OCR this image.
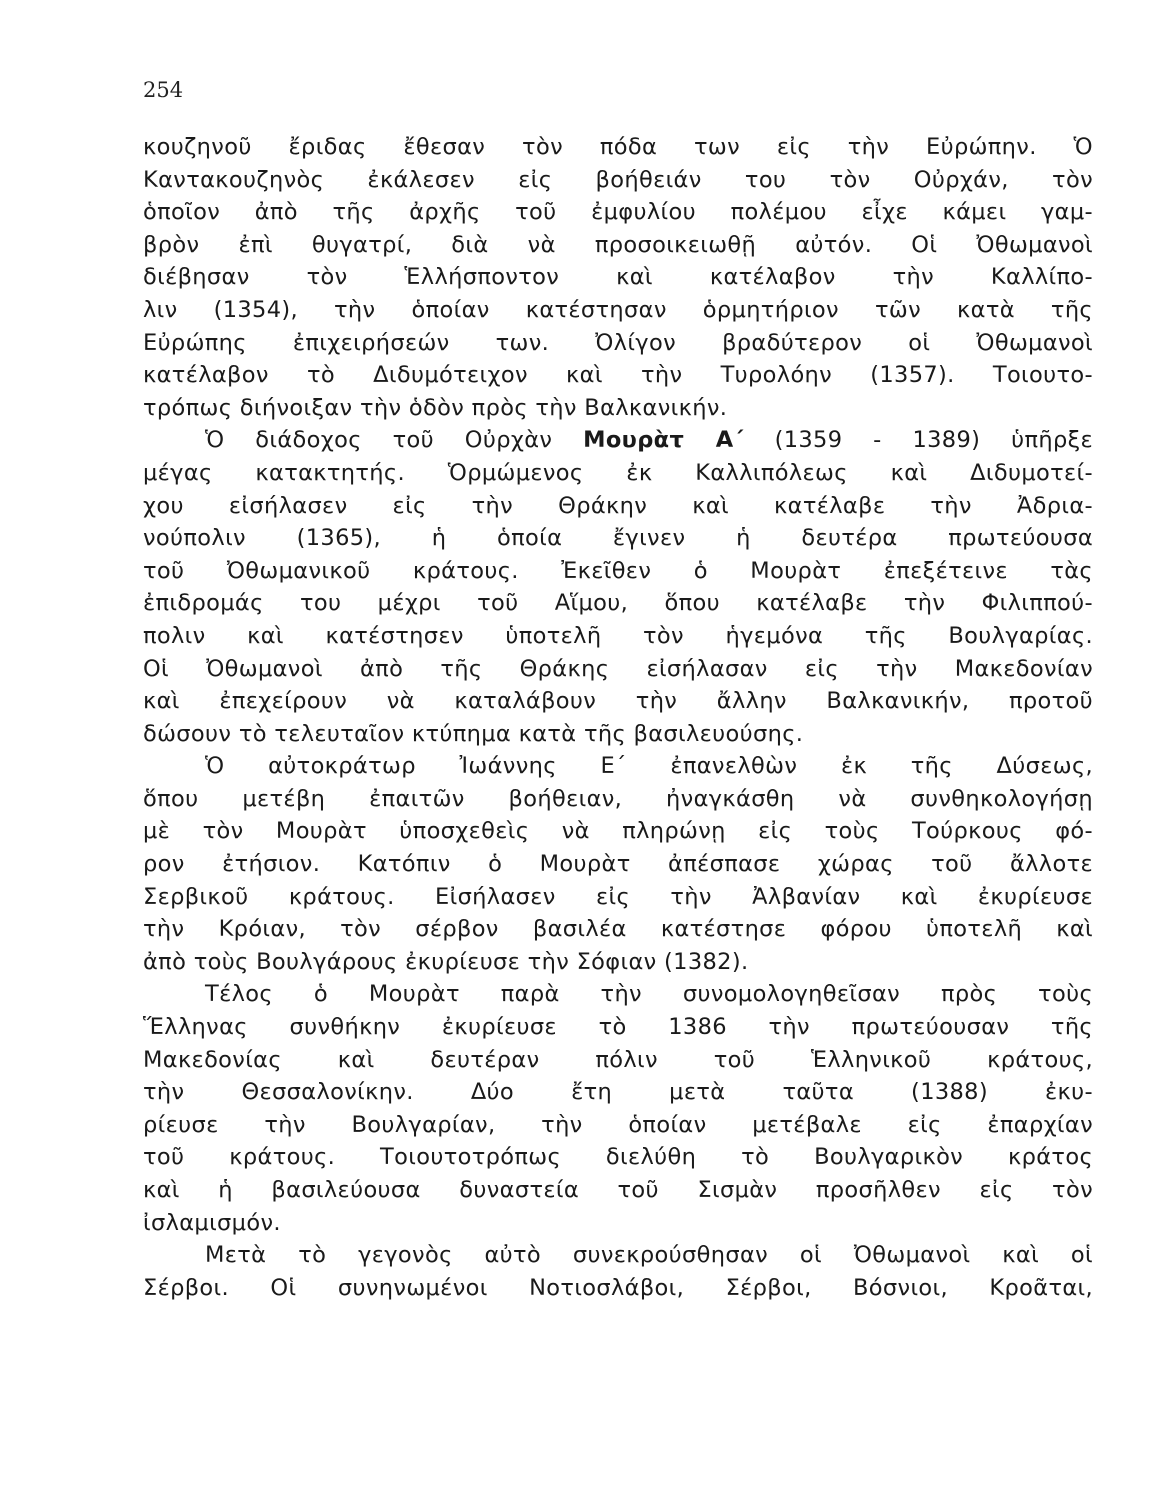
254
κουζηνοῦ ἔριδας ἔθεσαν τὸν πόδα των εἰς τὴν Εὐρώπην. Ὁ
Καντακουζηνὸς ἐκάλεσεν εἰς βοήθειάν του τὸν Οὐρχάν, τὸν
ὁποῖον ἀπὸ τῆς ἀρχῆς τοῦ ἐμφυλίου πολέμου εἶχε κάμει γαμ-
βρὸν ἐπὶ θυγατρί, διὰ νὰ προσοικειωθῇ αὐτόν. Οἱ Ὀθωμανοὶ
διέβησαν τὸν Ἑλλήσποντον καὶ κατέλαβον τὴν Καλλίπο-
λιν (1354), τὴν ὁποίαν κατέστησαν ὁρμητήριον τῶν κατὰ τῆς
Εὐρώπης ἐπιχειρήσεών των. Ὀλίγον βραδύτερον οἱ Ὀθωμανοὶ
κατέλαβον τὸ Διδυμότειχον καὶ τὴν Τυρολόην (1357). Τοιουτο-
τρόπως διήνοιξαν τὴν ὁδὸν πρὸς τὴν Βαλκανικήν.
Ὁ διάδοχος τοῦ Οὐρχὰν Μουρὰτ Α΄ (1359 - 1389) ὑπῆρξε
μέγας κατακτητής. Ὁρμώμενος ἐκ Καλλιπόλεως καὶ Διδυμοτεί-
χου εἰσήλασεν εἰς τὴν Θράκην καὶ κατέλαβε τὴν Ἀδρια-
νούπολιν (1365), ἡ ὁποία ἔγινεν ἡ δευτέρα πρωτεύουσα
τοῦ Ὀθωμανικοῦ κράτους. Ἐκεῖθεν ὁ Μουρὰτ ἐπεξέτεινε τὰς
ἐπιδρομάς του μέχρι τοῦ Αἵμου, ὅπου κατέλαβε τὴν Φιλιππού-
πολιν καὶ κατέστησεν ὑποτελῆ τὸν ἡγεμόνα τῆς Βουλγαρίας.
Οἱ Ὀθωμανοὶ ἀπὸ τῆς Θράκης εἰσήλασαν εἰς τὴν Μακεδονίαν
καὶ ἐπεχείρουν νὰ καταλάβουν τὴν ἄλλην Βαλκανικήν, προτοῦ
δώσουν τὸ τελευταῖον κτύπημα κατὰ τῆς βασιλευούσης.
Ὁ αὐτοκράτωρ Ἰωάννης Ε΄ ἐπανελθὼν ἐκ τῆς Δύσεως,
ὅπου μετέβη ἐπαιτῶν βοήθειαν, ἠναγκάσθη νὰ συνθηκολογήσῃ
μὲ τὸν Μουρὰτ ὑποσχεθεὶς νὰ πληρώνῃ εἰς τοὺς Τούρκους φό-
ρον ἐτήσιον. Κατόπιν ὁ Μουρὰτ ἀπέσπασε χώρας τοῦ ἄλλοτε
Σερβικοῦ κράτους. Εἰσήλασεν εἰς τὴν Ἀλβανίαν καὶ ἐκυρίευσε
τὴν Κρόιαν, τὸν σέρβον βασιλέα κατέστησε φόρου ὑποτελῆ καὶ
ἀπὸ τοὺς Βουλγάρους ἐκυρίευσε τὴν Σόφιαν (1382).
Τέλος ὁ Μουρὰτ παρὰ τὴν συνομολογηθεῖσαν πρὸς τοὺς
Ἕλληνας συνθήκην ἐκυρίευσε τὸ 1386 τὴν πρωτεύουσαν τῆς
Μακεδονίας καὶ δευτέραν πόλιν τοῦ Ἑλληνικοῦ κράτους,
τὴν Θεσσαλονίκην. Δύο ἔτη μετὰ ταῦτα (1388) ἐκυ-
ρίευσε τὴν Βουλγαρίαν, τὴν ὁποίαν μετέβαλε εἰς ἐπαρχίαν
τοῦ κράτους. Τοιουτοτρόπως διελύθη τὸ Βουλγαρικὸν κράτος
καὶ ἡ βασιλεύουσα δυναστεία τοῦ Σισμὰν προσῆλθεν εἰς τὸν
ἰσλαμισμόν.
Μετὰ τὸ γεγονὸς αὐτὸ συνεκρούσθησαν οἱ Ὀθωμανοὶ καὶ οἱ
Σέρβοι. Οἱ συνηνωμένοι Νοτιοσλάβοι, Σέρβοι, Βόσνιοι, Κροᾶται,
